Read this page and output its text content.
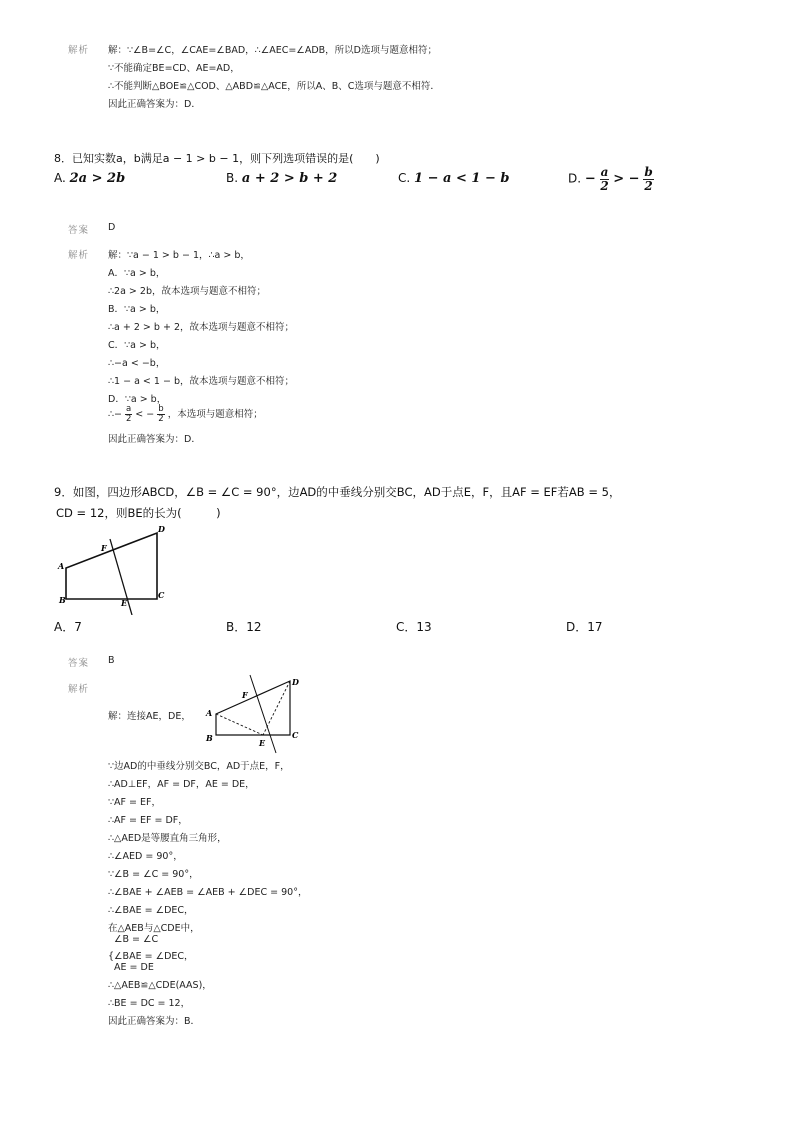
解析 解：∵∠B=∠C，∠CAE=∠BAD，∴∠AEC=∠ADB，所以D选项与题意相符；
∵不能确定BE=CD、AE=AD，
∴不能判断△BOE≌△COD、△ABD≌△ACE，所以A、B、C选项与题意不相符．
因此正确答案为：D．
8．已知实数a，b满足a − 1 > b − 1，则下列选项错误的是(　　)
A. 2a > 2b	B. a + 2 > b + 2	C. 1 − a < 1 − b	D. − $\frac{a}{2}$ > − $\frac{b}{2}$
答案 D
解析 解：∵a − 1 > b − 1，∴a > b，
A．∵a > b，
∴2a > 2b，故本选项与题意不相符；
B．∵a > b，
∴a + 2 > b + 2，故本选项与题意不相符；
C．∵a > b，
∴−a < −b，
∴1 − a < 1 − b，故本选项与题意不相符；
D．∵a > b，
∴− $\frac{a}{2}$ < − $\frac{b}{2}$ ，本选项与题意相符；
因此正确答案为：D．
9．如图，四边形ABCD，∠B = ∠C = 90°，边AD的中垂线分别交BC，AD于点E，F，且AF = EF若AB = 5，
CD = 12，则BE的长为(　　　)
A
B	C
D
E
F
A．7	B．12	C．13	D．17
答案 B
解析
解：连接AE，DE， A
B	C
D
E
F
∵边AD的中垂线分别交BC，AD于点E，F，
∴AD⊥EF，AF = DF，AE = DE，
∵AF = EF，
∴AF = EF = DF，
∴△AED是等腰直角三角形，
∴∠AED = 90°，
∵∠B = ∠C = 90°，
∴∠BAE + ∠AEB = ∠AEB + ∠DEC = 90°，
∴∠BAE = ∠DEC，
在△AEB与△CDE中，
∠B = ∠C
{∠BAE = ∠DEC，
AE = DE
∴△AEB≌△CDE(AAS)，
∴BE = DC = 12，
因此正确答案为：B．
